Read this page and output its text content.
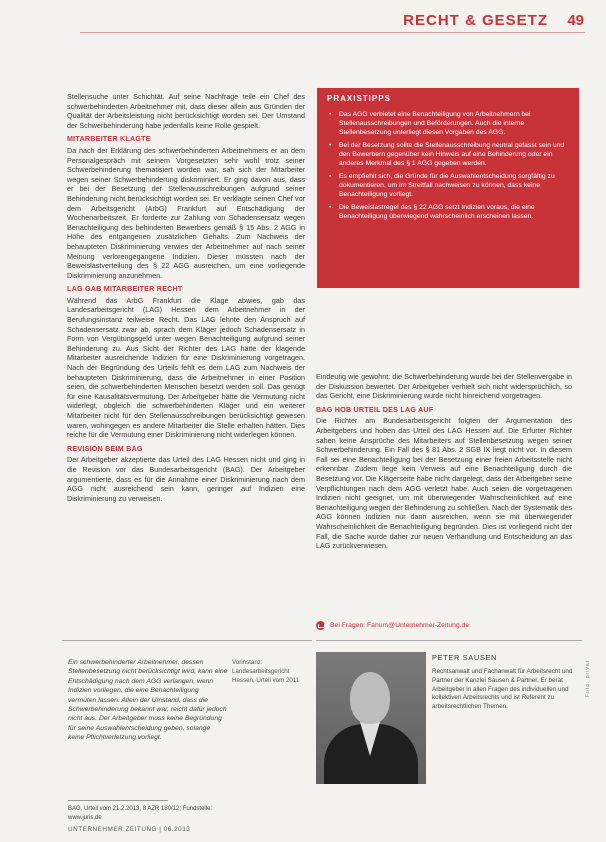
RECHT & GESETZ 49

Stellensuche unter Schichtät. Auf seine Nachfrage teile ein Chef des schwerbehinderten Arbeitnehmer mit, dass dieser allein aus Gründen der Qualität der Arbeitsleistung nicht berücksichtigt worden sei. Der Umstand der Schwerbehinderung habe jedenfalls keine Rolle gespielt.

MITARBEITER KLAGTE

Da nach der Erklärung des schwerbehinderten Arbeitnehmers er an dem Personalgespräch mit seinem Vorgesetzten sehr wohl trotz seiner Schwerbehinderung thematisiert worden war, sah sich der Mitarbeiter wegen seiner Schwerbehinderung diskriminiert. Er ging davon aus, dass er bei der Besetzung der Stellenausschreibungen aufgrund seiner Behinderung nicht berücksichtigt worden sei. Er verklagte seinen Chef vor dem Arbeitsgericht (ArbG) Frankfurt auf Entschädigung der Wochenarbeitszeit. Er forderte zur Zahlung von Schadensersatz wegen Benachteiligung des behinderten Bewerbers gemäß § 15 Abs. 2 AGG in Höhe des entgangenen zusätzlichen Gehalts. Zum Nachweis der behaupteten Diskriminierung verwies der Arbeitnehmer auf nach seiner Meinung verlorengegangene Indizien. Dieser müssten nach der Beweislastverteilung des § 22 AGG ausreichen, um eine vorliegende Diskriminierung anzunehmen.

LAG GAB MITARBEITER RECHT

Während das ArbG Frankfurt die Klage abwies, gab das Landesarbeitsgericht (LAG) Hessen dem Arbeitnehmer in der Berufungsinstanz teilweise Recht. Das LAG lehnte den Anspruch auf Schadensersatz zwar ab, sprach dem Kläger jedoch Schadensersatz in Form von Vergütungsgeld unter wegen Benachteiligung aufgrund seiner Behinderung zu. Aus Sicht der Richter des LAG hätte der klagende Mitarbeiter ausreichende Indizien für eine Diskriminierung vorgetragen. Nach der Begründung des Urteils fehlt es dem LAG zum Nachweis der behaupteten Diskriminierung, dass die Arbeitnehmer in einer Position seien, die schwerbehinderten Menschen besetzt werden soll. Das genügt für eine Kausalitätsvermutung. Der Arbeitgeber hätte die Vermutung nicht widerlegt, obgleich die schwerbehinderten Kläger und ein weiterer Mitarbeiter nicht für den Stellenausschreibungen berücksichtigt gewesen waren, wohingegen es andere Mitarbeiter die Stelle erhalten hätten. Dies reiche für die Vermutung einer Diskriminierung nicht widerlegen können.

REVISION BEIM BAG

Der Arbeitgeber akzeptierte das Urteil des LAG Hessen nicht und ging in die Revision vor das Bundesarbeitsgericht (BAG). Der Arbeitgeber argumentierte, dass es für die Annahme einer Diskriminierung nach dem AGG nicht ausreichend sein kann, geringer auf Indizien eine Diskriminierung zu verweisen.

PRAXISTIPPS
• Das AGG verbietet eine Benachteiligung von Arbeitnehmern bei Stellenausschreibungen und Beförderungen. Auch die interne Stellenbesetzung unterliegt diesen Vorgaben des AGG.
• Bei der Besetzung sollte die Stellenausschreibung neutral gefasst sein und den Bewerbern gegenüber kein Hinweis auf eine Behinderung oder ein anderes Merkmal des § 1 AGG gegeben werden.
• Es empfiehlt sich, die Gründe für die Auswahlentscheidung sorgfältig zu dokumentieren, um im Streitfall nachweisen zu können, dass keine Benachteiligung vorliegt.
• Die Beweislastregel des § 22 AGG setzt Indizien voraus, die eine Benachteiligung überwiegend wahrscheinlich erscheinen lassen.

Eindeutig wie gewohnt: die Schwerbehinderung wurde bei der Stellenvergabe in der Diskussion bewertet. Der Arbeitgeber verhielt sich nicht widersprüchlich, so das Gericht, eine Diskriminierung wurde nicht hinreichend vorgetragen.

BAG HOB URTEIL DES LAG AUF

Die Richter am Bundesarbeitsgericht folgten der Argumentation des Arbeitgebers und hoben das Urteil des LAG Hessen auf. Die Erfurter Richter sahen keine Ansprüche des Mitarbeiters auf Stellenbesetzung wegen seiner Schwerbehinderung. Ein Fall des § 81 Abs. 2 SGB IX liegt nicht vor. In diesem Fall sei eine Benachteiligung bei der Besetzung einer freien Arbeitsstelle nicht erkennbar. Zudem liege kein Verweis auf eine Benachteiligung durch die Besetzung vor. Die Klägerseite habe nicht dargelegt, dass der Arbeitgeber seine Verpflichtungen nach dem AGG verletzt habe. Auch seien die vorgetragenen Indizien nicht geeignet, um mit überwiegender Wahrscheinlichkeit auf eine Benachteiligung wegen der Behinderung zu schließen. Nach der Systematik des AGG können Indizien nur dann ausreichen, wenn sie mit überwiegender Wahrscheinlichkeit die Benachteiligung begründen. Dies ist vorliegend nicht der Fall, die Sache wurde daher zur neuen Verhandlung und Entscheidung an das LAG zurückverwiesen.

Bei Fragen: Fanum@Unternehmer-Zeitung.de
Ein schwerbehinderter Arbeitnehmer, dessen Stellenbesetzung nicht berücksichtigt wird, kann eine Entschädigung nach dem AGG verlangen, wenn Indizien vorliegen, die eine Benachteiligung vermuten lassen. Allein der Umstand, dass die Schwerbehinderung bekannt war, reicht dafür jedoch nicht aus. Der Arbeitgeber muss keine Begründung für seine Auswahlentscheidung geben, solange keine Pflichtverletzung vorliegt.
Vorinstanz: Landesarbeitsgericht Hessen, Urteil vom 2011
BAG, Urteil vom 21.2.2013, 8 AZR 180/12; Fundstelle: www.juris.de
UNTERNEHMER ZEITUNG | 06.2013
PETER SAUSEN
Rechtsanwalt und Fachanwalt für Arbeitsrecht und Partner der Kanzlei Sausen & Partner. Er berät Arbeitgeber in allen Fragen des individuellen und kollektiven Arbeitsrechts und ist Referent zu arbeitsrechtlichen Themen.
Foto: privat
